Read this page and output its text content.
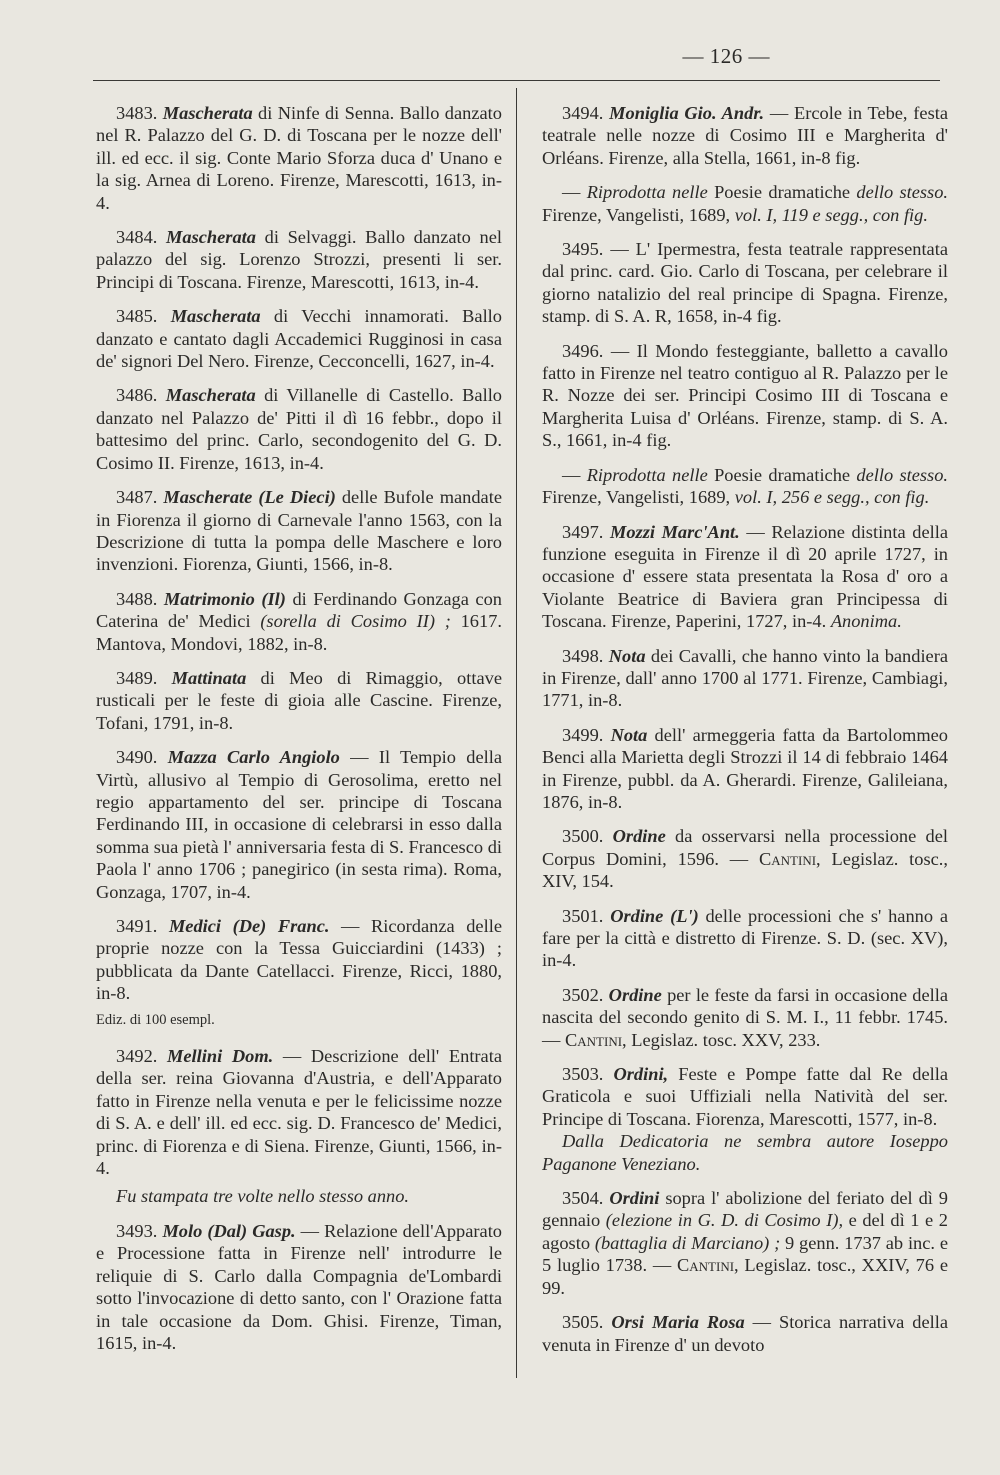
— 126 —

3483. Mascherata di Ninfe di Senna. Ballo danzato nel R. Palazzo del G. D. di Toscana per le nozze dell' ill. ed ecc. il sig. Conte Mario Sforza duca d' Unano e la sig. Arnea di Loreno. Firenze, Marescotti, 1613, in-4.

3484. Mascherata di Selvaggi. Ballo danzato nel palazzo del sig. Lorenzo Strozzi, presenti li ser. Principi di Toscana. Firenze, Marescotti, 1613, in-4.

3485. Mascherata di Vecchi innamorati. Ballo danzato e cantato dagli Accademici Rugginosi in casa de' signori Del Nero. Firenze, Cecconcelli, 1627, in-4.

3486. Mascherata di Villanelle di Castello. Ballo danzato nel Palazzo de' Pitti il dì 16 febbr., dopo il battesimo del princ. Carlo, secondogenito del G. D. Cosimo II. Firenze, 1613, in-4.

3487. Mascherate (Le Dieci) delle Bufole mandate in Fiorenza il giorno di Carnevale l'anno 1563, con la Descrizione di tutta la pompa delle Maschere e loro invenzioni. Fiorenza, Giunti, 1566, in-8.

3488. Matrimonio (Il) di Ferdinando Gonzaga con Caterina de' Medici (sorella di Cosimo II) ; 1617. Mantova, Mondovi, 1882, in-8.

3489. Mattinata di Meo di Rimaggio, ottave rusticali per le feste di gioia alle Cascine. Firenze, Tofani, 1791, in-8.

3490. Mazza Carlo Angiolo — Il Tempio della Virtù, allusivo al Tempio di Gerosolima, eretto nel regio appartamento del ser. principe di Toscana Ferdinando III, in occasione di celebrarsi in esso dalla somma sua pietà l' anniversaria festa di S. Francesco di Paola l' anno 1706 ; panegirico (in sesta rima). Roma, Gonzaga, 1707, in-4.

3491. Medici (De) Franc. — Ricordanza delle proprie nozze con la Tessa Guicciardini (1433) ; pubblicata da Dante Catellacci. Firenze, Ricci, 1880, in-8.

Ediz. di 100 esempl.

3492. Mellini Dom. — Descrizione dell' Entrata della ser. reina Giovanna d'Austria, e dell'Apparato fatto in Firenze nella venuta e per le felicissime nozze di S. A. e dell' ill. ed ecc. sig. D. Francesco de' Medici, princ. di Fiorenza e di Siena. Firenze, Giunti, 1566, in-4.

Fu stampata tre volte nello stesso anno.

3493. Molo (Dal) Gasp. — Relazione dell'Apparato e Processione fatta in Firenze nell' introdurre le reliquie di S. Carlo dalla Compagnia de'Lombardi sotto l'invocazione di detto santo, con l' Orazione fatta in tale occasione da Dom. Ghisi. Firenze, Timan, 1615, in-4.

3494. Moniglia Gio. Andr. — Ercole in Tebe, festa teatrale nelle nozze di Cosimo III e Margherita d' Orléans. Firenze, alla Stella, 1661, in-8 fig.

— Riprodotta nelle Poesie dramatiche dello stesso. Firenze, Vangelisti, 1689, vol. I, 119 e segg., con fig.

3495. — L' Ipermestra, festa teatrale rappresentata dal princ. card. Gio. Carlo di Toscana, per celebrare il giorno natalizio del real principe di Spagna. Firenze, stamp. di S. A. R, 1658, in-4 fig.

3496. — Il Mondo festeggiante, balletto a cavallo fatto in Firenze nel teatro contiguo al R. Palazzo per le R. Nozze dei ser. Principi Cosimo III di Toscana e Margherita Luisa d' Orléans. Firenze, stamp. di S. A. S., 1661, in-4 fig.

— Riprodotta nelle Poesie dramatiche dello stesso. Firenze, Vangelisti, 1689, vol. I, 256 e segg., con fig.

3497. Mozzi Marc'Ant. — Relazione distinta della funzione eseguita in Firenze il dì 20 aprile 1727, in occasione d' essere stata presentata la Rosa d' oro a Violante Beatrice di Baviera gran Principessa di Toscana. Firenze, Paperini, 1727, in-4. Anonima.

3498. Nota dei Cavalli, che hanno vinto la bandiera in Firenze, dall' anno 1700 al 1771. Firenze, Cambiagi, 1771, in-8.

3499. Nota dell' armeggeria fatta da Bartolommeo Benci alla Marietta degli Strozzi il 14 di febbraio 1464 in Firenze, pubbl. da A. Gherardi. Firenze, Galileiana, 1876, in-8.

3500. Ordine da osservarsi nella processione del Corpus Domini, 1596. — Cantini, Legislaz. tosc., XIV, 154.

3501. Ordine (L') delle processioni che s' hanno a fare per la città e distretto di Firenze. S. D. (sec. XV), in-4.

3502. Ordine per le feste da farsi in occasione della nascita del secondo genito di S. M. I., 11 febbr. 1745. — Cantini, Legislaz. tosc. XXV, 233.

3503. Ordini, Feste e Pompe fatte dal Re della Graticola e suoi Uffiziali nella Natività del ser. Principe di Toscana. Fiorenza, Marescotti, 1577, in-8.

Dalla Dedicatoria ne sembra autore Ioseppo Paganone Veneziano.

3504. Ordini sopra l' abolizione del feriato del dì 9 gennaio (elezione in G. D. di Cosimo I), e del dì 1 e 2 agosto (battaglia di Marciano) ; 9 genn. 1737 ab inc. e 5 luglio 1738. — Cantini, Legislaz. tosc., XXIV, 76 e 99.

3505. Orsi Maria Rosa — Storica narrativa della venuta in Firenze d' un devoto
